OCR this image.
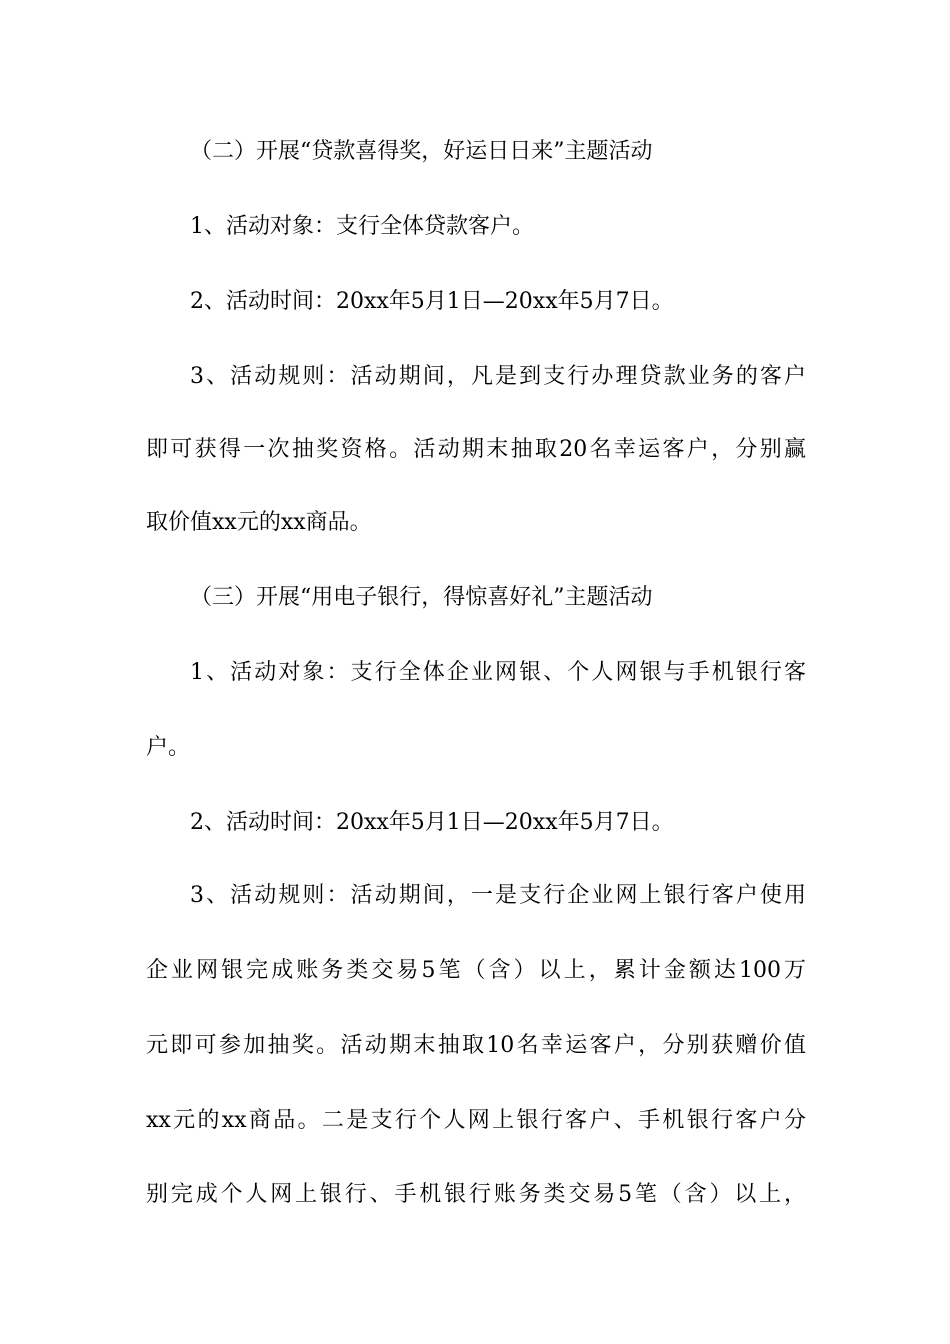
（二）开展“贷款喜得奖，好运日日来”主题活动

1、活动对象：支行全体贷款客户。

2、活动时间：20xx年5月1日—20xx年5月7日。

3、活动规则：活动期间，凡是到支行办理贷款业务的客户

即可获得一次抽奖资格。活动期末抽取20名幸运客户，分别赢

取价值xx元的xx商品。

（三）开展“用电子银行，得惊喜好礼”主题活动

1、活动对象：支行全体企业网银、个人网银与手机银行客

户。

2、活动时间：20xx年5月1日—20xx年5月7日。

3、活动规则：活动期间，一是支行企业网上银行客户使用

企业网银完成账务类交易5笔（含）以上，累计金额达100万

元即可参加抽奖。活动期末抽取10名幸运客户，分别获赠价值

xx元的xx商品。二是支行个人网上银行客户、手机银行客户分

别完成个人网上银行、手机银行账务类交易5笔（含）以上，
